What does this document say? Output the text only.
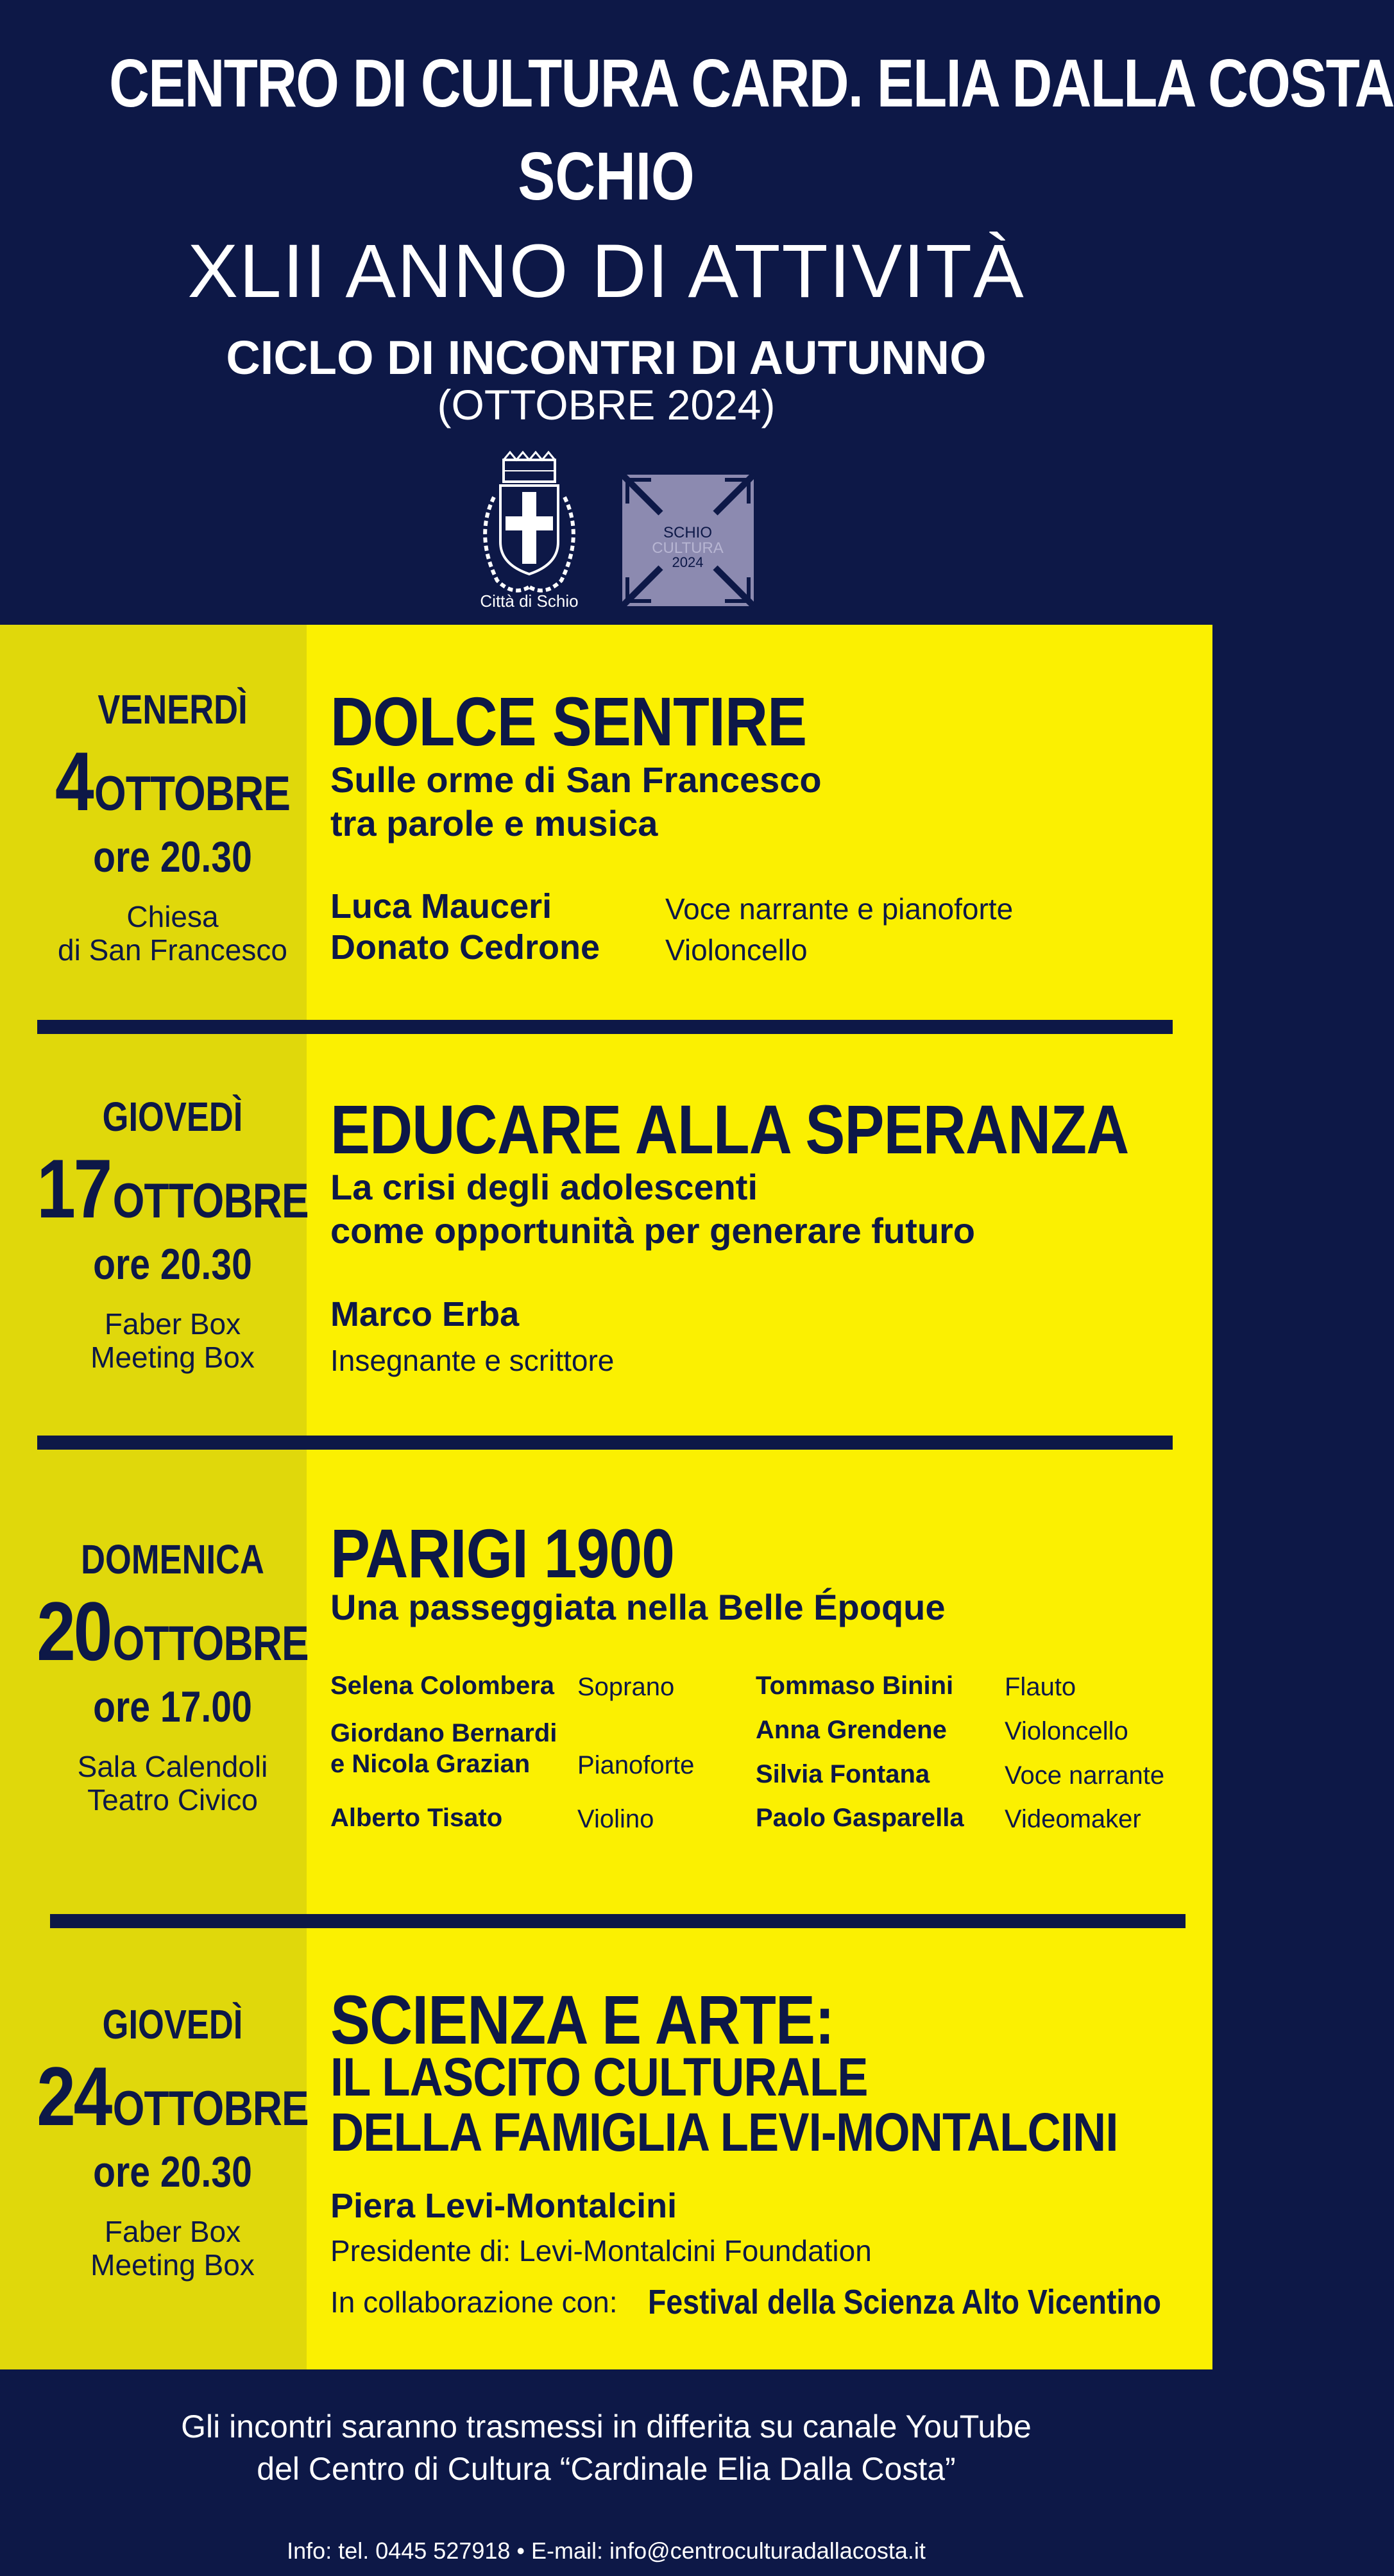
CENTRO DI CULTURA CARD. ELIA DALLA COSTA
SCHIO
XLII ANNO DI ATTIVITÀ
CICLO DI INCONTRI DI AUTUNNO
(OTTOBRE 2024)
Città di Schio
SCHIO
CULTURA
2024
VENERDÌ
4 OTTOBRE
ore 20.30
Chiesa
di San Francesco
DOLCE SENTIRE
Sulle orme di San Francesco
tra parole e musica
Luca Mauceri	Voce narrante e pianoforte
Donato Cedrone Violoncello
GIOVEDÌ
17 OTTOBRE
ore 20.30
Faber Box
Meeting Box
EDUCARE ALLA SPERANZA
La crisi degli adolescenti
come opportunità per generare futuro
Marco Erba
Insegnante e scrittore
DOMENICA
20 OTTOBRE
ore 17.00
Sala Calendoli
Teatro Civico
PARIGI 1900
Una passeggiata nella Belle Époque
Selena Colombera Soprano
Giordano Bernardi
e Nicola Grazian Pianoforte
Alberto Tisato	Violino
Tommaso Binini Flauto
Anna Grendene Violoncello
Silvia Fontana	Voce narrante
Paolo Gasparella Videomaker
GIOVEDÌ
24 OTTOBRE
ore 20.30
Faber Box
Meeting Box
SCIENZA E ARTE:
IL LASCITO CULTURALE
DELLA FAMIGLIA LEVI-MONTALCINI
Piera Levi-Montalcini
Presidente di: Levi-Montalcini Foundation
In collaborazione con: Festival della Scienza Alto Vicentino
Gli incontri saranno trasmessi in differita su canale YouTube
del Centro di Cultura “Cardinale Elia Dalla Costa”
Info: tel. 0445 527918 • E-mail: info@centroculturadallacosta.it
